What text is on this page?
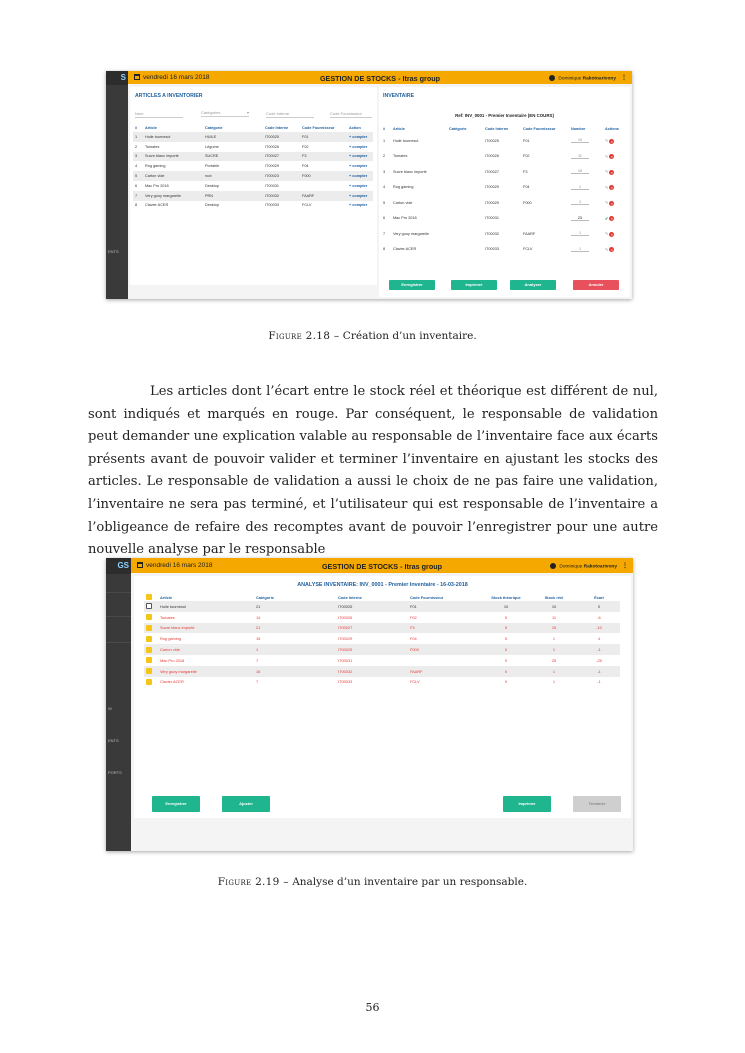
S
ENTS
vendredi 16 mars 2018	GESTION DE STOCKS - Itras group	Dominique Rakotoarivony ⋮
ARTICLES A INVENTORIER
Nom	Catégories	▾	Code Interne	Code Fournisseur
#	Article	Catégorie	Code Interne	Code Fournisseur	Action
1	Huile tournesol	HUILE	IT00025	F01	+ compter
2	Tomates	Légume	IT00026	F02	+ compter
3	Sucre blanc importé	SUCRE	IT00027	F3	+ compter
4	Rog gaming	Portable	IT00029	F04	+ compter
5	Carton vide	root	IT00023	F000	+ compter
6	Mac Pro 2018	Desktop	IT00031		+ compter
7	Very gooy margarelle	PRN	IT00032	FAARF	+ compter
8	Clavier ACER	Desktop	IT00033	FCLV	+ compter
INVENTAIRE
Ref: INV_0001 - Premier Inventaire (EN COURS)
#	Article	Catégorie	Code Interne	Code Fournisseur	Nombre	Actions
1	Huile tournesol		IT00025	F01	10	✎ ×
2	Tomates		IT00026	F02	11	✎ ×
3	Sucre blanc importé		IT00027	F3	15	✎ ×
4	Rog gaming		IT00029	F04	1	✎ ×
5	Carton vide		IT00029	F000	1	✎ ×
6	Mac Pro 2018		IT00031		25	✔ ×
7	Very gooy margarelle		IT00032	FAARF	1	✎ ×
8	Clavier ACER		IT00033	FCLV	1	✎ ×
Enregistrer	Imprimer	Analyser	Annuler
Figure 2.18 – Création d’un inventaire.
Les articles dont l’écart entre le stock réel et théorique est différent de nul, sont indiqués et marqués en rouge. Par conséquent, le responsable de validation peut demander une explication valable au responsable de l’inventaire face aux écarts présents avant de pouvoir valider et terminer l’inventaire en ajustant les stocks des articles. Le responsable de validation a aussi le choix de ne pas faire une validation, l’inventaire ne sera pas terminé, et l’utilisateur qui est responsable de l’inventaire a l’obligeance de refaire des recomptes avant de pouvoir l’enregistrer pour une autre nouvelle analyse par le responsable
GS
W
ENTS
PORTS
vendredi 16 mars 2018	GESTION DE STOCKS - Itras group	Dominique Rakotoarivony ⋮
ANALYSE INVENTAIRE: INV_0001 - Premier Inventaire - 16-03-2018
	Article	Catégorie	Code Interne	Code Fournisseur	Stock théorique	Stock réel	Écart
	Huile tournesol	21	IT00025	F01	10	10	0
	Tomates	14	IT00026	F02	5	11	-6
	Sucre blanc importé	21	IT00027	F3	5	15	-10
	Rog gaming	15	IT00029	F04	5	1	4
	Carton vide	1	IT00029	F000	0	1	-1
	Mac Pro 2018	7	IT00031		0	25	-25
	Very gooy margarelle	16	IT00032	FAARF	0	1	-1
	Clavier ACER	7	IT00033	FCLV	0	1	-1
Enregistrer	Ajuster	Imprimer	Terminer
Figure 2.19 – Analyse d’un inventaire par un responsable.
56
